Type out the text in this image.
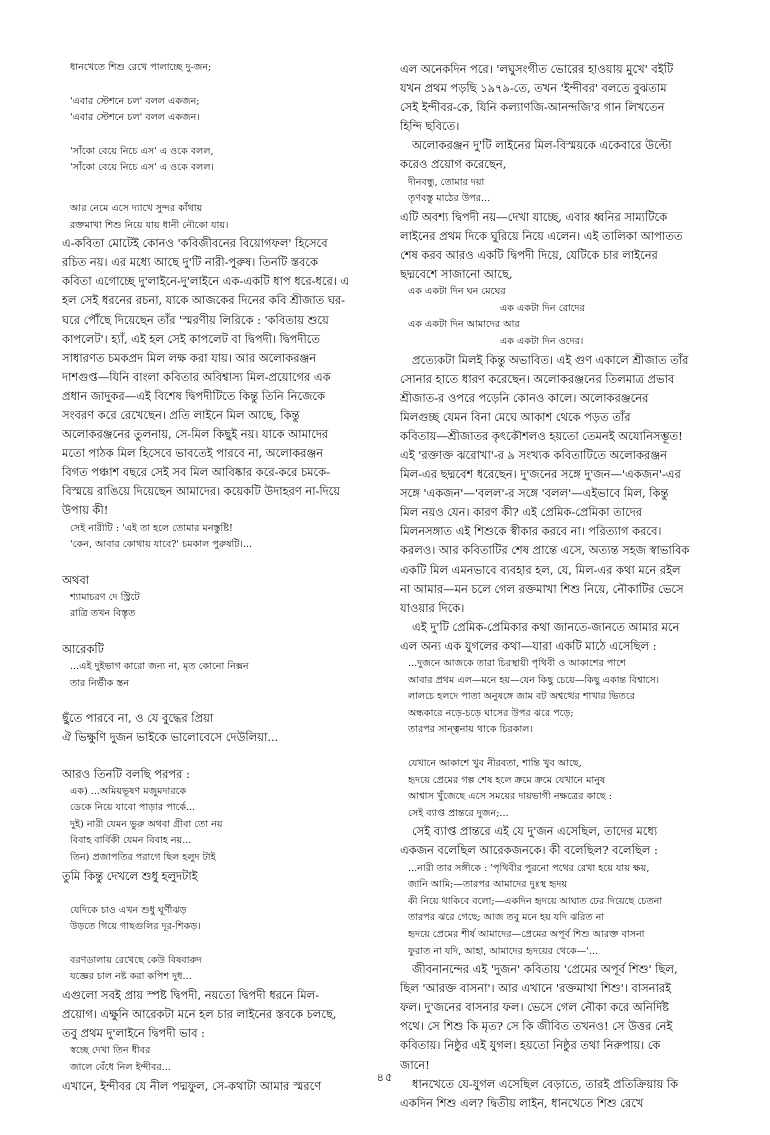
ধানখেতে শিশু রেখে পালাচ্ছে দু-জন;
'এবার স্টেশনে চল' বলল একজন;
'এবার স্টেশনে চল' বলল একজন।
'সাঁকো বেয়ে নিচে এস' এ ওকে বলল,
'সাঁকো বেয়ে নিচে এস' এ ওকে বলল।
আর নেমে এসে দ্যাখে সুন্দর কাঁথায়
রক্তমাখা শিশু নিয়ে যায় ধানী নৌকো যায়।
এ-কবিতা মোটেই কোনও 'কবিজীবনের বিয়োগফল' হিসেবে
রচিত নয়। এর মধ্যে আছে দু'টি নারী-পুরুষ। তিনটি স্তবকে
কবিতা এগোচ্ছে দু'লাইনে-দু'লাইনে এক-একটি ধাপ ধরে-ধরে। এ
হল সেই ধরনের রচনা, যাকে আজকের দিনের কবি শ্রীজাত ঘর-
ঘরে পৌঁছে দিয়েছেন তাঁর 'স্মরণীয় লিরিকে : 'কবিতায় শুয়ে
কাপলেট'। হ্যাঁ, এই হল সেই কাপলেট বা দ্বিপদী। দ্বিপদীতে
সাধারণত চমকপ্রদ মিল লক্ষ করা যায়। আর অলোকরঞ্জন
দাশগুপ্ত—যিনি বাংলা কবিতার অবিশ্বাস্য মিল-প্রয়োগের এক
প্রধান জাদুকর—এই বিশেষ দ্বিপদীটিতে কিন্তু তিনি নিজেকে
সংবরণ করে রেখেছেন। প্রতি লাইনে মিল আছে, কিন্তু
অলোকরঞ্জনের তুলনায়, সে-মিল কিছুই নয়। যাকে আমাদের
মতো পাঠক মিল হিসেবে ভাবতেই পারবে না, অলোকরঞ্জন
বিগত পঞ্চাশ বছরে সেই সব মিল আবিষ্কার করে-করে চমকে-
বিস্ময়ে রাঙিয়ে দিয়েছেন আমাদের। কয়েকটি উদাহরণ না-দিয়ে
উপায় কী!
সেই নারীটি : 'এই তা হলে তোমার মনস্তুষ্টি!
'কেন, আবার কোথায় যাবে?' চমকাল পুরুষটি।...
অথবা
শ্যামাচরণ দে স্ট্রিটে
রাত্রি তখন বিস্তৃত
আরেকটি
...এই দুইভাগ কারো জন্য না, মৃত কোনো নিক্সন
তার নির্ভীক স্তন
ছুঁতে পারবে না, ও যে বুদ্ধের প্রিয়া
ঐ ভিক্ষুণি দুজন ভাইকে ভালোবেসে দেউলিয়া...
আরও তিনটি বলছি পরপর :
এক) ...অমিয়ভূষণ মজুমদারকে
ডেকে নিয়ে যাবো পাড়ার পার্কে...
দুই) নারী যেমন ভুরু অথবা গ্রীবা তো নয়
বিবাহ বার্বিকী যেমন বিবাহ নয়...
তিন) প্রজাপতির পরাগে ছিল হলুদ টাই
তুমি কিন্তু দেখলে শুধু হলুদটাই
যেদিকে চাও এখন শুধু ঘূর্ণীঝড়
উড়তে গিয়ে গাছগুলির দূর-শিকড়।
বরণডালায় রেখেছে কেউ বিষবারুদ
যজ্ঞের চাল নষ্ট করা কপিশ দুধ...
এগুলো সবই প্রায় স্পষ্ট দ্বিপদী, নয়তো দ্বিপদী ধরনে মিল-
প্রয়োগ। এক্ষুনি আরেকটা মনে হল চার লাইনের স্তবকে চলছে,
তবু প্রথম দু'লাইনে দ্বিপদী ভাব :
স্বচ্ছে দেখা তিন ধীবর
জালে বেঁধে নিল ইন্দীবর...
এখানে, ইন্দীবর যে নীল পদ্মফুল, সে-কথাটা আমার স্মরণে
এল অনেকদিন পরে। 'লঘুসংগীত ভোরের হাওয়ায় মুখে' বইটি
যখন প্রথম পড়ছি ১৯৭৯-তে, তখন 'ইন্দীবর' বলতে বুঝতাম
সেই ইন্দীবর-কে, যিনি কল্যাণজি-আনন্দজি'র গান লিখতেন
হিন্দি ছবিতে।
অলোকরঞ্জন দু'টি লাইনের মিল-বিস্ময়কে একেবারে উল্টো
করেও প্রয়োগ করেছেন,
দীনবন্ধু, তোমার দয়া
তৃণবস্তু মাঠের উপর...
এটি অবশ্য দ্বিপদী নয়—দেখা যাচ্ছে, এবার ধ্বনির সাম্যটিকে
লাইনের প্রথম দিকে ঘুরিয়ে নিয়ে এলেন। এই তালিকা আপাতত
শেষ করব আরও একটি দ্বিপদী দিয়ে, যেটিকে চার লাইনের
ছদ্মবেশে সাজানো আছে,
এক একটা দিন ঘন মেঘের
এক একটা দিন রোদের
এক একটা দিন আমাদের আর
এক একটা দিন ওদের।
প্রত্যেকটা মিলই কিন্তু অভাবিত। এই গুণ একালে শ্রীজাত তাঁর
সোনার হাতে ধারণ করেছেন। অলোকরঞ্জনের তিলমাত্র প্রভাব
শ্রীজাত-র ওপরে পড়েনি কোনও কালে। অলোকরঞ্জনের
মিলগুচ্ছ যেমন বিনা মেঘে আকাশ থেকে পড়ত তাঁর
কবিতায়—শ্রীজাতর কৃৎকৌশলও হয়তো তেমনই অযোনিসম্ভূত!
এই 'রক্তাক্ত ঝরোখা'-র ৯ সংখ্যক কবিতাটিতে অলোকরঞ্জন
মিল-এর ছদ্মবেশ ধরেছেন। দু'জনের সঙ্গে দু'জন—'একজন'-এর
সঙ্গে 'একজন'—'বলল'-র সঙ্গে 'বলল'—এইভাবে মিল, কিন্তু
মিল নয়ও যেন। কারণ কী? এই প্রেমিক-প্রেমিকা তাদের
মিলনসঙ্গাত এই শিশুকে স্বীকার করবে না। পরিত্যাগ করবে।
করলও। আর কবিতাটির শেষ প্রান্তে এসে, অত্যন্ত সহজ স্বাভাবিক
একটি মিল এমনভাবে ব্যবহার হল, যে, মিল-এর কথা মনে রইল
না আমার—মন চলে গেল রক্তমাখা শিশু নিয়ে, নৌকাটির ভেসে
যাওয়ার দিকে।
এই দু'টি প্রেমিক-প্রেমিকার কথা জানতে-জানতে আমার মনে
এল অন্য এক যুগলের কথা—যারা একটি মাঠে এসেছিল :
...দুজনে আজকে তারা চিরস্থায়ী পৃথিবী ও আকাশের পাশে
আবার প্রথম এল—মনে হয়—যেন কিছু চেয়ে—কিছু একান্ত বিশ্বাসে।
লালচে হলদে পাতা অনুষঙ্গে জাম বট অশ্বত্থের শাখার ভিতরে
অন্ধকারে নড়ে-চড়ে ঘাসের উপর ঝরে পড়ে;
তারপর সান্ত্বনায় থাকে চিরকাল।
যেখানে আকাশে খুব নীরবতা, শান্তি খুব আছে,
হৃদয়ে প্রেমের গল্প শেষ হলে ক্রমে ক্রমে যেখানে মানুষ
আশ্বাস খুঁজেছে এসে সময়ের দায়ভাগী নক্ষত্রের কাছে :
সেই ব্যাপ্ত প্রান্তরে দুজন;...
সেই ব্যাপ্ত প্রান্তরে এই যে দু'জন এসেছিল, তাদের মধ্যে
একজন বলেছিল আরেকজনকে। কী বলেছিল? বলেছিল :
...নারী তার সঙ্গীকে : 'পৃথিবীর পুরনো পথের রেখা হয়ে যায় ক্ষয়,
জানি আমি;—তারপর আমাদের দুঃস্থ হৃদয়
কী নিয়ে থাকিবে বলো;—একদিন হৃদয়ে আঘাত ঢের দিয়েছে চেতনা
তারপর ঝরে গেছে; আজ তবু মনে হয় যদি ঝরিত না
হৃদয়ে প্রেমের শীর্ষ আমাদের—প্রেমের অপূর্ব শিশু আরক্ত বাসনা
ফুরাত না যদি, আহা, আমাদের হৃদয়ের থেকে—'...
জীবনানন্দের এই 'দুজন' কবিতায় 'প্রেমের অপূর্ব শিশু' ছিল,
ছিল 'আরক্ত বাসনা'। আর এখানে 'রক্তমাখা শিশু'। বাসনারই
ফল। দু'জনের বাসনার ফল। ভেসে গেল নৌকা করে অনির্দিষ্ট
পথে। সে শিশু কি মৃত? সে কি জীবিত তখনও! সে উত্তর নেই
কবিতায়। নিষ্ঠুর এই যুগল। হয়তো নিষ্ঠুর তথা নিরুপায়। কে
জানে!
ধানখেতে যে-যুগল এসেছিল বেড়াতে, তারই প্রতিক্রিয়ায় কি
একদিন শিশু এল? দ্বিতীয় লাইন, ধানখেতে শিশু রেখে
৪৫
